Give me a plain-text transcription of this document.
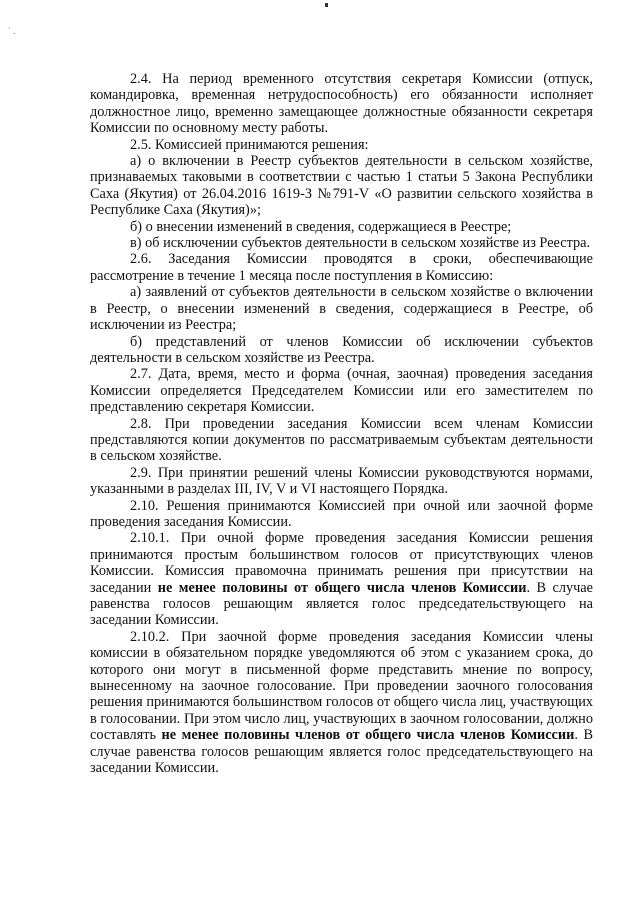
` .

2.4. На период временного отсутствия секретаря Комиссии (отпуск, командировка, временная нетрудоспособность) его обязанности исполняет должностное лицо, временно замещающее должностные обязанности секретаря Комиссии по основному месту работы.

2.5. Комиссией принимаются решения:

а) о включении в Реестр субъектов деятельности в сельском хозяйстве, признаваемых таковыми в соответствии с частью 1 статьи 5 Закона Республики Саха (Якутия) от 26.04.2016 1619-З №791-V «О развитии сельского хозяйства в Республике Саха (Якутия)»;

б) о внесении изменений в сведения, содержащиеся в Реестре;

в) об исключении субъектов деятельности в сельском хозяйстве из Реестра.

2.6. Заседания Комиссии проводятся в сроки, обеспечивающие рассмотрение в течение 1 месяца после поступления в Комиссию:

а) заявлений от субъектов деятельности в сельском хозяйстве о включении в Реестр, о внесении изменений в сведения, содержащиеся в Реестре, об исключении из Реестра;

б) представлений от членов Комиссии об исключении субъектов деятельности в сельском хозяйстве из Реестра.

2.7. Дата, время, место и форма (очная, заочная) проведения заседания Комиссии определяется Председателем Комиссии или его заместителем по представлению секретаря Комиссии.

2.8. При проведении заседания Комиссии всем членам Комиссии представляются копии документов по рассматриваемым субъектам деятельности в сельском хозяйстве.

2.9. При принятии решений члены Комиссии руководствуются нормами, указанными в разделах III, IV, V и VI настоящего Порядка.

2.10. Решения принимаются Комиссией при очной или заочной форме проведения заседания Комиссии.

2.10.1. При очной форме проведения заседания Комиссии решения принимаются простым большинством голосов от присутствующих членов Комиссии. Комиссия правомочна принимать решения при присутствии на заседании не менее половины от общего числа членов Комиссии. В случае равенства голосов решающим является голос председательствующего на заседании Комиссии.

2.10.2. При заочной форме проведения заседания Комиссии члены комиссии в обязательном порядке уведомляются об этом с указанием срока, до которого они могут в письменной форме представить мнение по вопросу, вынесенному на заочное голосование. При проведении заочного голосования решения принимаются большинством голосов от общего числа лиц, участвующих в голосовании. При этом число лиц, участвующих в заочном голосовании, должно составлять не менее половины членов от общего числа членов Комиссии. В случае равенства голосов решающим является голос председательствующего на заседании Комиссии.
